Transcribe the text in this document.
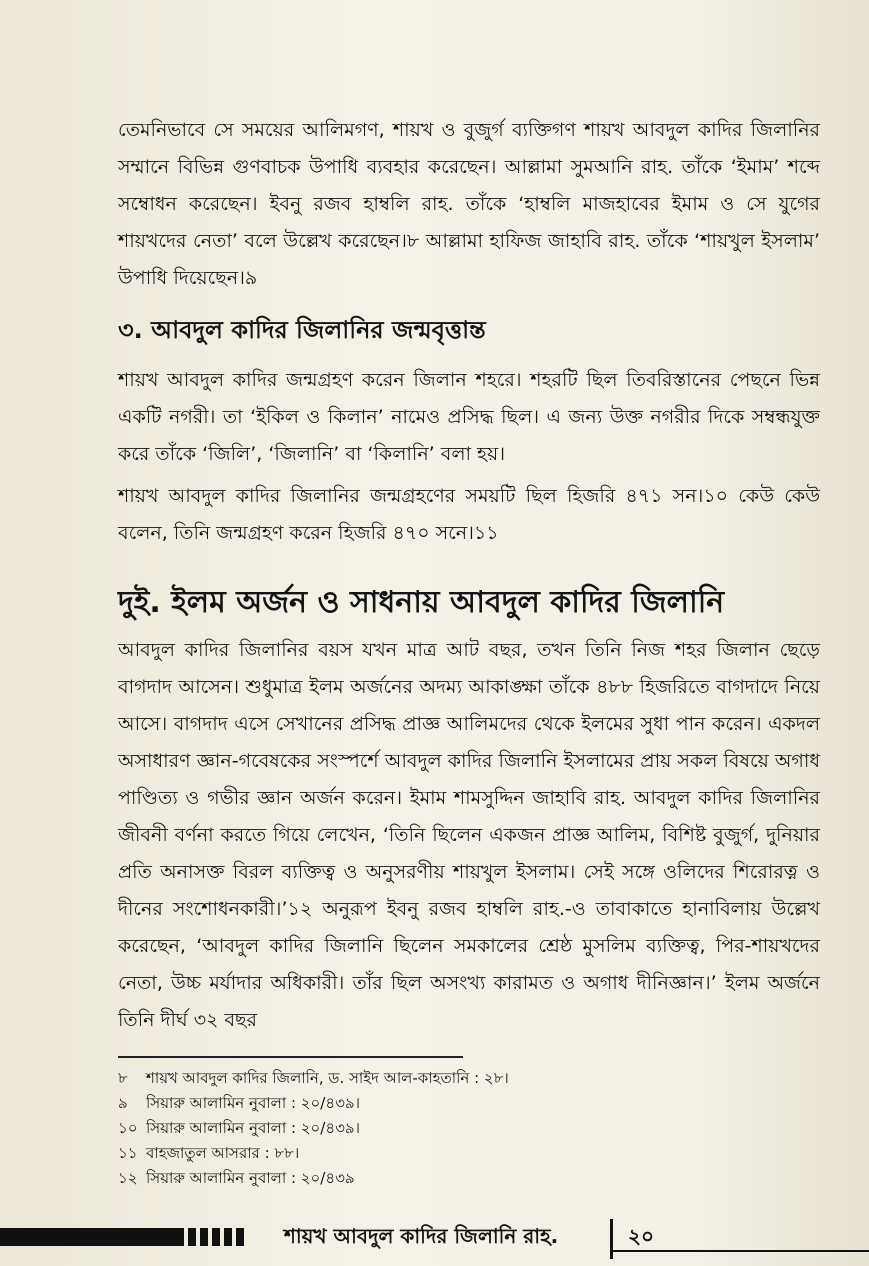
তেমনিভাবে সে সময়ের আলিমগণ, শায়খ ও বুজুর্গ ব্যক্তিগণ শায়খ আবদুল কাদির জিলানির সম্মানে বিভিন্ন গুণবাচক উপাধি ব্যবহার করেছেন। আল্লামা সুমআনি রাহ. তাঁকে ‘ইমাম’ শব্দে সম্বোধন করেছেন। ইবনু রজব হাম্বলি রাহ. তাঁকে ‘হাম্বলি মাজহাবের ইমাম ও সে যুগের শায়খদের নেতা’ বলে উল্লেখ করেছেন।৮ আল্লামা হাফিজ জাহাবি রাহ. তাঁকে ‘শায়খুল ইসলাম’ উপাধি দিয়েছেন।৯

৩. আবদুল কাদির জিলানির জন্মবৃত্তান্ত

শায়খ আবদুল কাদির জন্মগ্রহণ করেন জিলান শহরে। শহরটি ছিল তিবরিস্তানের পেছনে ভিন্ন একটি নগরী। তা ‘ইকিল ও কিলান’ নামেও প্রসিদ্ধ ছিল। এ জন্য উক্ত নগরীর দিকে সম্বন্ধযুক্ত করে তাঁকে ‘জিলি’, ‘জিলানি’ বা ‘কিলানি’ বলা হয়।

শায়খ আবদুল কাদির জিলানির জন্মগ্রহণের সময়টি ছিল হিজরি ৪৭১ সন।১০ কেউ কেউ বলেন, তিনি জন্মগ্রহণ করেন হিজরি ৪৭০ সনে।১১

দুই. ইলম অর্জন ও সাধনায় আবদুল কাদির জিলানি

আবদুল কাদির জিলানির বয়স যখন মাত্র আট বছর, তখন তিনি নিজ শহর জিলান ছেড়ে বাগদাদ আসেন। শুধুমাত্র ইলম অর্জনের অদম্য আকাঙ্ক্ষা তাঁকে ৪৮৮ হিজরিতে বাগদাদে নিয়ে আসে। বাগদাদ এসে সেখানের প্রসিদ্ধ প্রাজ্ঞ আলিমদের থেকে ইলমের সুধা পান করেন। একদল অসাধারণ জ্ঞান-গবেষকের সংস্পর্শে আবদুল কাদির জিলানি ইসলামের প্রায় সকল বিষয়ে অগাধ পাণ্ডিত্য ও গভীর জ্ঞান অর্জন করেন। ইমাম শামসুদ্দিন জাহাবি রাহ. আবদুল কাদির জিলানির জীবনী বর্ণনা করতে গিয়ে লেখেন, ‘তিনি ছিলেন একজন প্রাজ্ঞ আলিম, বিশিষ্ট বুজুর্গ, দুনিয়ার প্রতি অনাসক্ত বিরল ব্যক্তিত্ব ও অনুসরণীয় শায়খুল ইসলাম। সেই সঙ্গে ওলিদের শিরোরত্ন ও দীনের সংশোধনকারী।’১২ অনুরূপ ইবনু রজব হাম্বলি রাহ.-ও তাবাকাতে হানাবিলায় উল্লেখ করেছেন, ‘আবদুল কাদির জিলানি ছিলেন সমকালের শ্রেষ্ঠ মুসলিম ব্যক্তিত্ব, পির-শায়খদের নেতা, উচ্চ মর্যাদার অধিকারী। তাঁর ছিল অসংখ্য কারামত ও অগাধ দীনিজ্ঞান।’ ইলম অর্জনে তিনি দীর্ঘ ৩২ বছর

৮	শায়খ আবদুল কাদির জিলানি, ড. সাইদ আল-কাহতানি : ২৮।
৯	সিয়ারু আলামিন নুবালা : ২০/৪৩৯।
১০ সিয়ারু আলামিন নুবালা : ২০/৪৩৯।
১১ বাহজাতুল আসরার : ৮৮।
১২ সিয়ারু আলামিন নুবালা : ২০/৪৩৯
শায়খ আবদুল কাদির জিলানি রাহ.	২০
